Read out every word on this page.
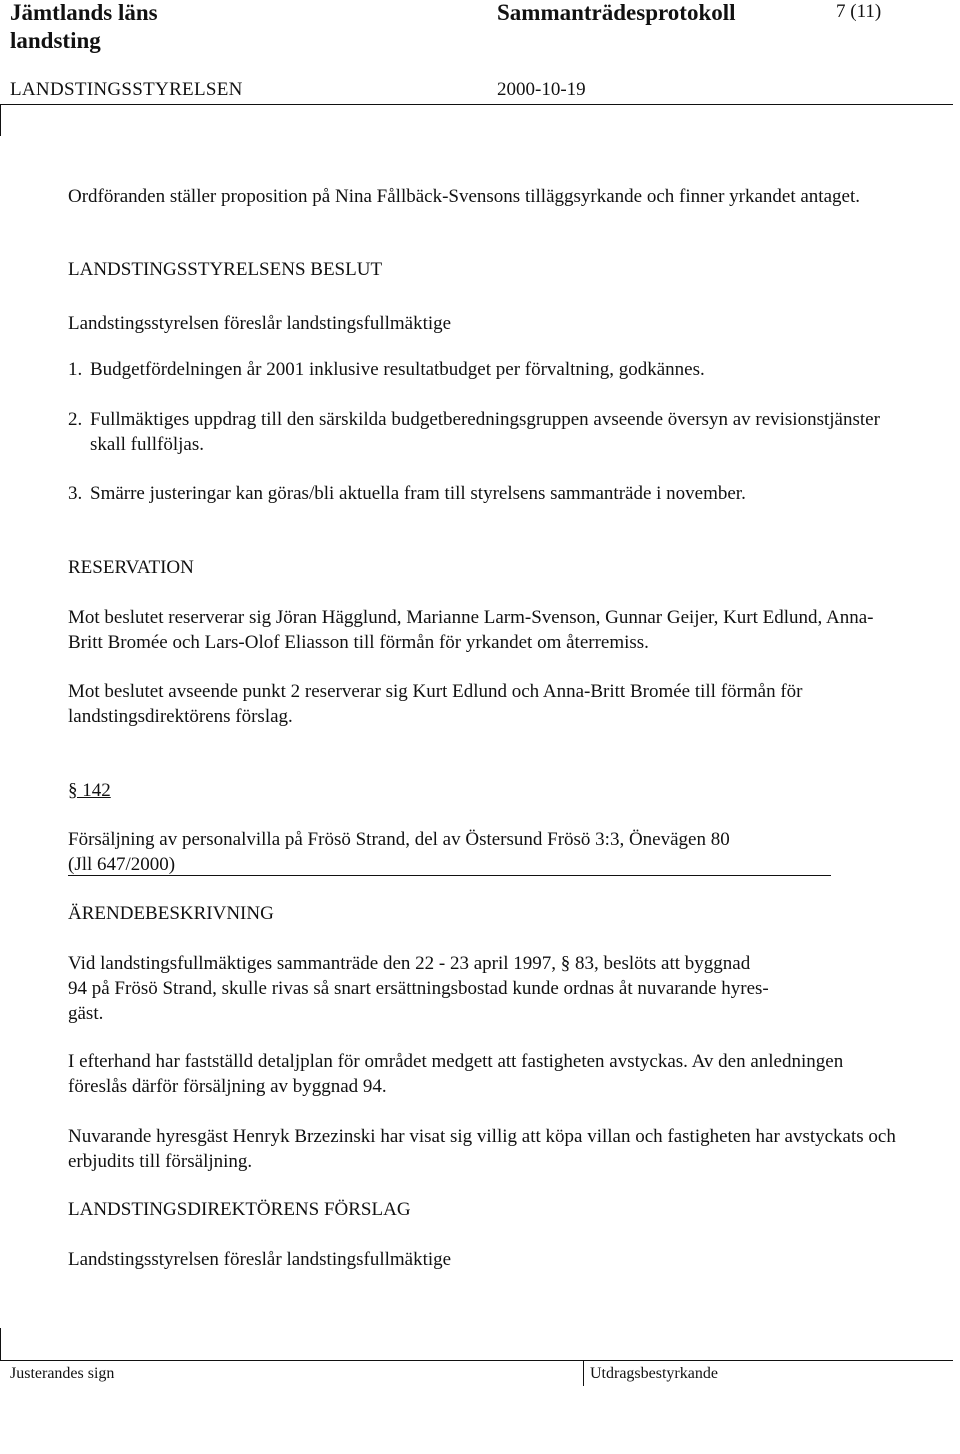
Jämtlands läns
landsting
Sammanträdesprotokoll	7 (11)
LANDSTINGSSTYRELSEN	2000-10-19
Ordföranden ställer proposition på Nina Fållbäck-Svensons tilläggsyrkande och finner yrkandet antaget.
LANDSTINGSSTYRELSENS BESLUT
Landstingsstyrelsen föreslår landstingsfullmäktige
1. Budgetfördelningen år 2001 inklusive resultatbudget per förvaltning, godkännes.
2. Fullmäktiges uppdrag till den särskilda budgetberedningsgruppen avseende översyn av revisionstjänster skall fullföljas.
3. Smärre justeringar kan göras/bli aktuella fram till styrelsens sammanträde i november.
RESERVATION
Mot beslutet reserverar sig Jöran Hägglund, Marianne Larm-Svenson, Gunnar Geijer, Kurt Edlund, Anna-Britt Bromée och Lars-Olof Eliasson till förmån för yrkandet om återremiss.
Mot beslutet avseende punkt 2 reserverar sig Kurt Edlund och Anna-Britt Bromée till förmån för landstingsdirektörens förslag.
§ 142
Försäljning av personalvilla på Frösö Strand, del av Östersund Frösö 3:3, Önevägen 80
(Jll 647/2000)
ÄRENDEBESKRIVNING
Vid landstingsfullmäktiges sammanträde den 22 - 23 april 1997, § 83, beslöts att byggnad
94 på Frösö Strand, skulle rivas så snart ersättningsbostad kunde ordnas åt nuvarande hyres-
gäst.
I efterhand har fastställd detaljplan för området medgett att fastigheten avstyckas. Av den anledningen föreslås därför försäljning av byggnad 94.
Nuvarande hyresgäst Henryk Brzezinski har visat sig villig att köpa villan och fastigheten har avstyckats och erbjudits till försäljning.
LANDSTINGSDIREKTÖRENS FÖRSLAG
Landstingsstyrelsen föreslår landstingsfullmäktige
Justerandes sign	Utdragsbestyrkande
